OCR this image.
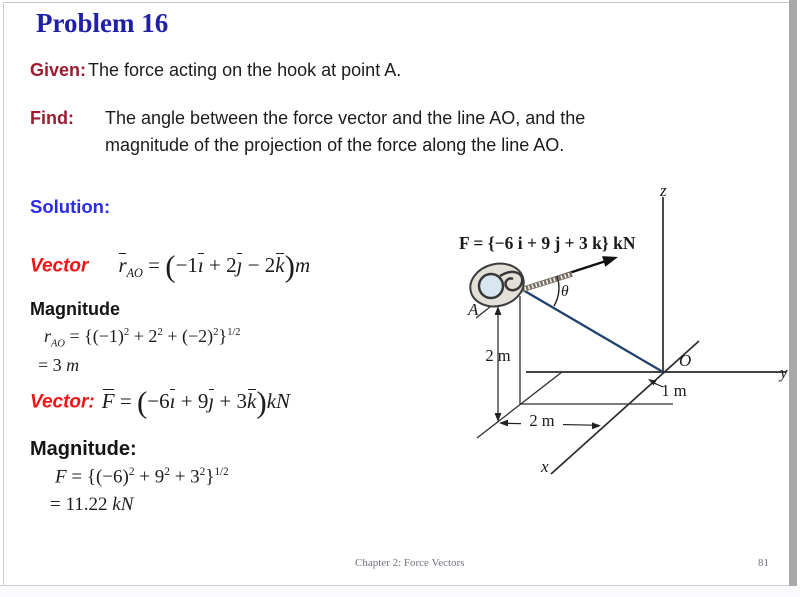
Problem 16
Given: The force acting on the hook at point A.
Find: The angle between the force vector and the line AO, and the
magnitude of the projection of the force along the line AO.
Solution:
Vector $r_{AO}$ = (−1ı + 2ȷ − 2k)m
Magnitude
$r_{AO} = \{(-1)^2 + 2^2 + (-2)^2\}^{1/2}$
= 3 m
Vector: F = (−6ı + 9ȷ + 3k)kN
Magnitude:
$F = \{(-6)^2 + 9^2 + 3^2\}^{1/2}$
= 11.22 kN
F = {−6 i + 9 j + 3 k} kN
z
y
x
O
A
θ
2 m
2 m
1 m
Chapter 2: Force Vectors	81
